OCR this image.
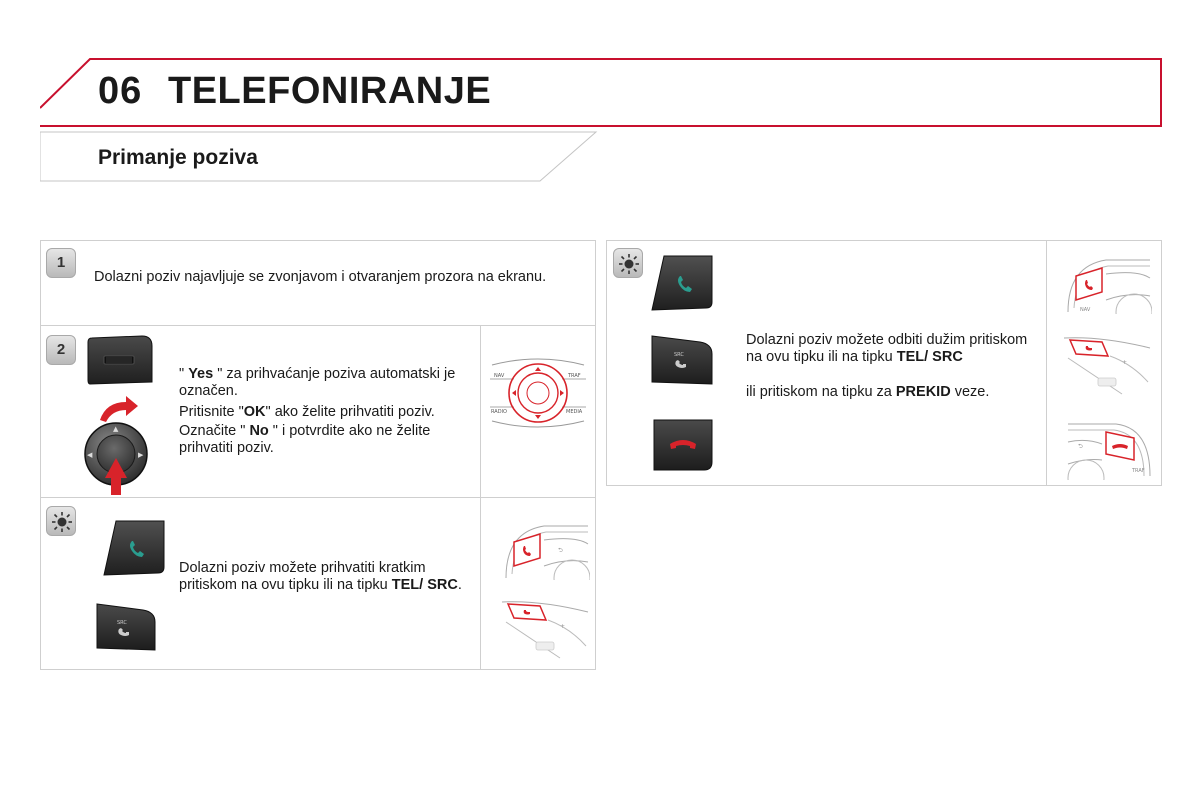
06 TELEFONIRANJE
Primanje poziva
1
Dolazni poziv najavljuje se zvonjavom i otvaranjem prozora na ekranu.
2
▲
◀	▶
" Yes " za prihvaćanje poziva automatski je označen.
Pritisnite "OK" ako želite prihvatiti poziv.
Označite " No " i potvrdite ako ne želite prihvatiti poziv.
NAV	TRAF
RADIO	MEDIA
SRC
Dolazni poziv možete prihvatiti kratkim pritiskom na ovu tipku ili na tipku TEL/ SRC.
⮌
+
SRC
Dolazni poziv možete odbiti dužim pritiskom na ovu tipku ili na tipku TEL/ SRC
ili pritiskom na tipku za PREKID veze.
NAV
+
⮌
TRAF
